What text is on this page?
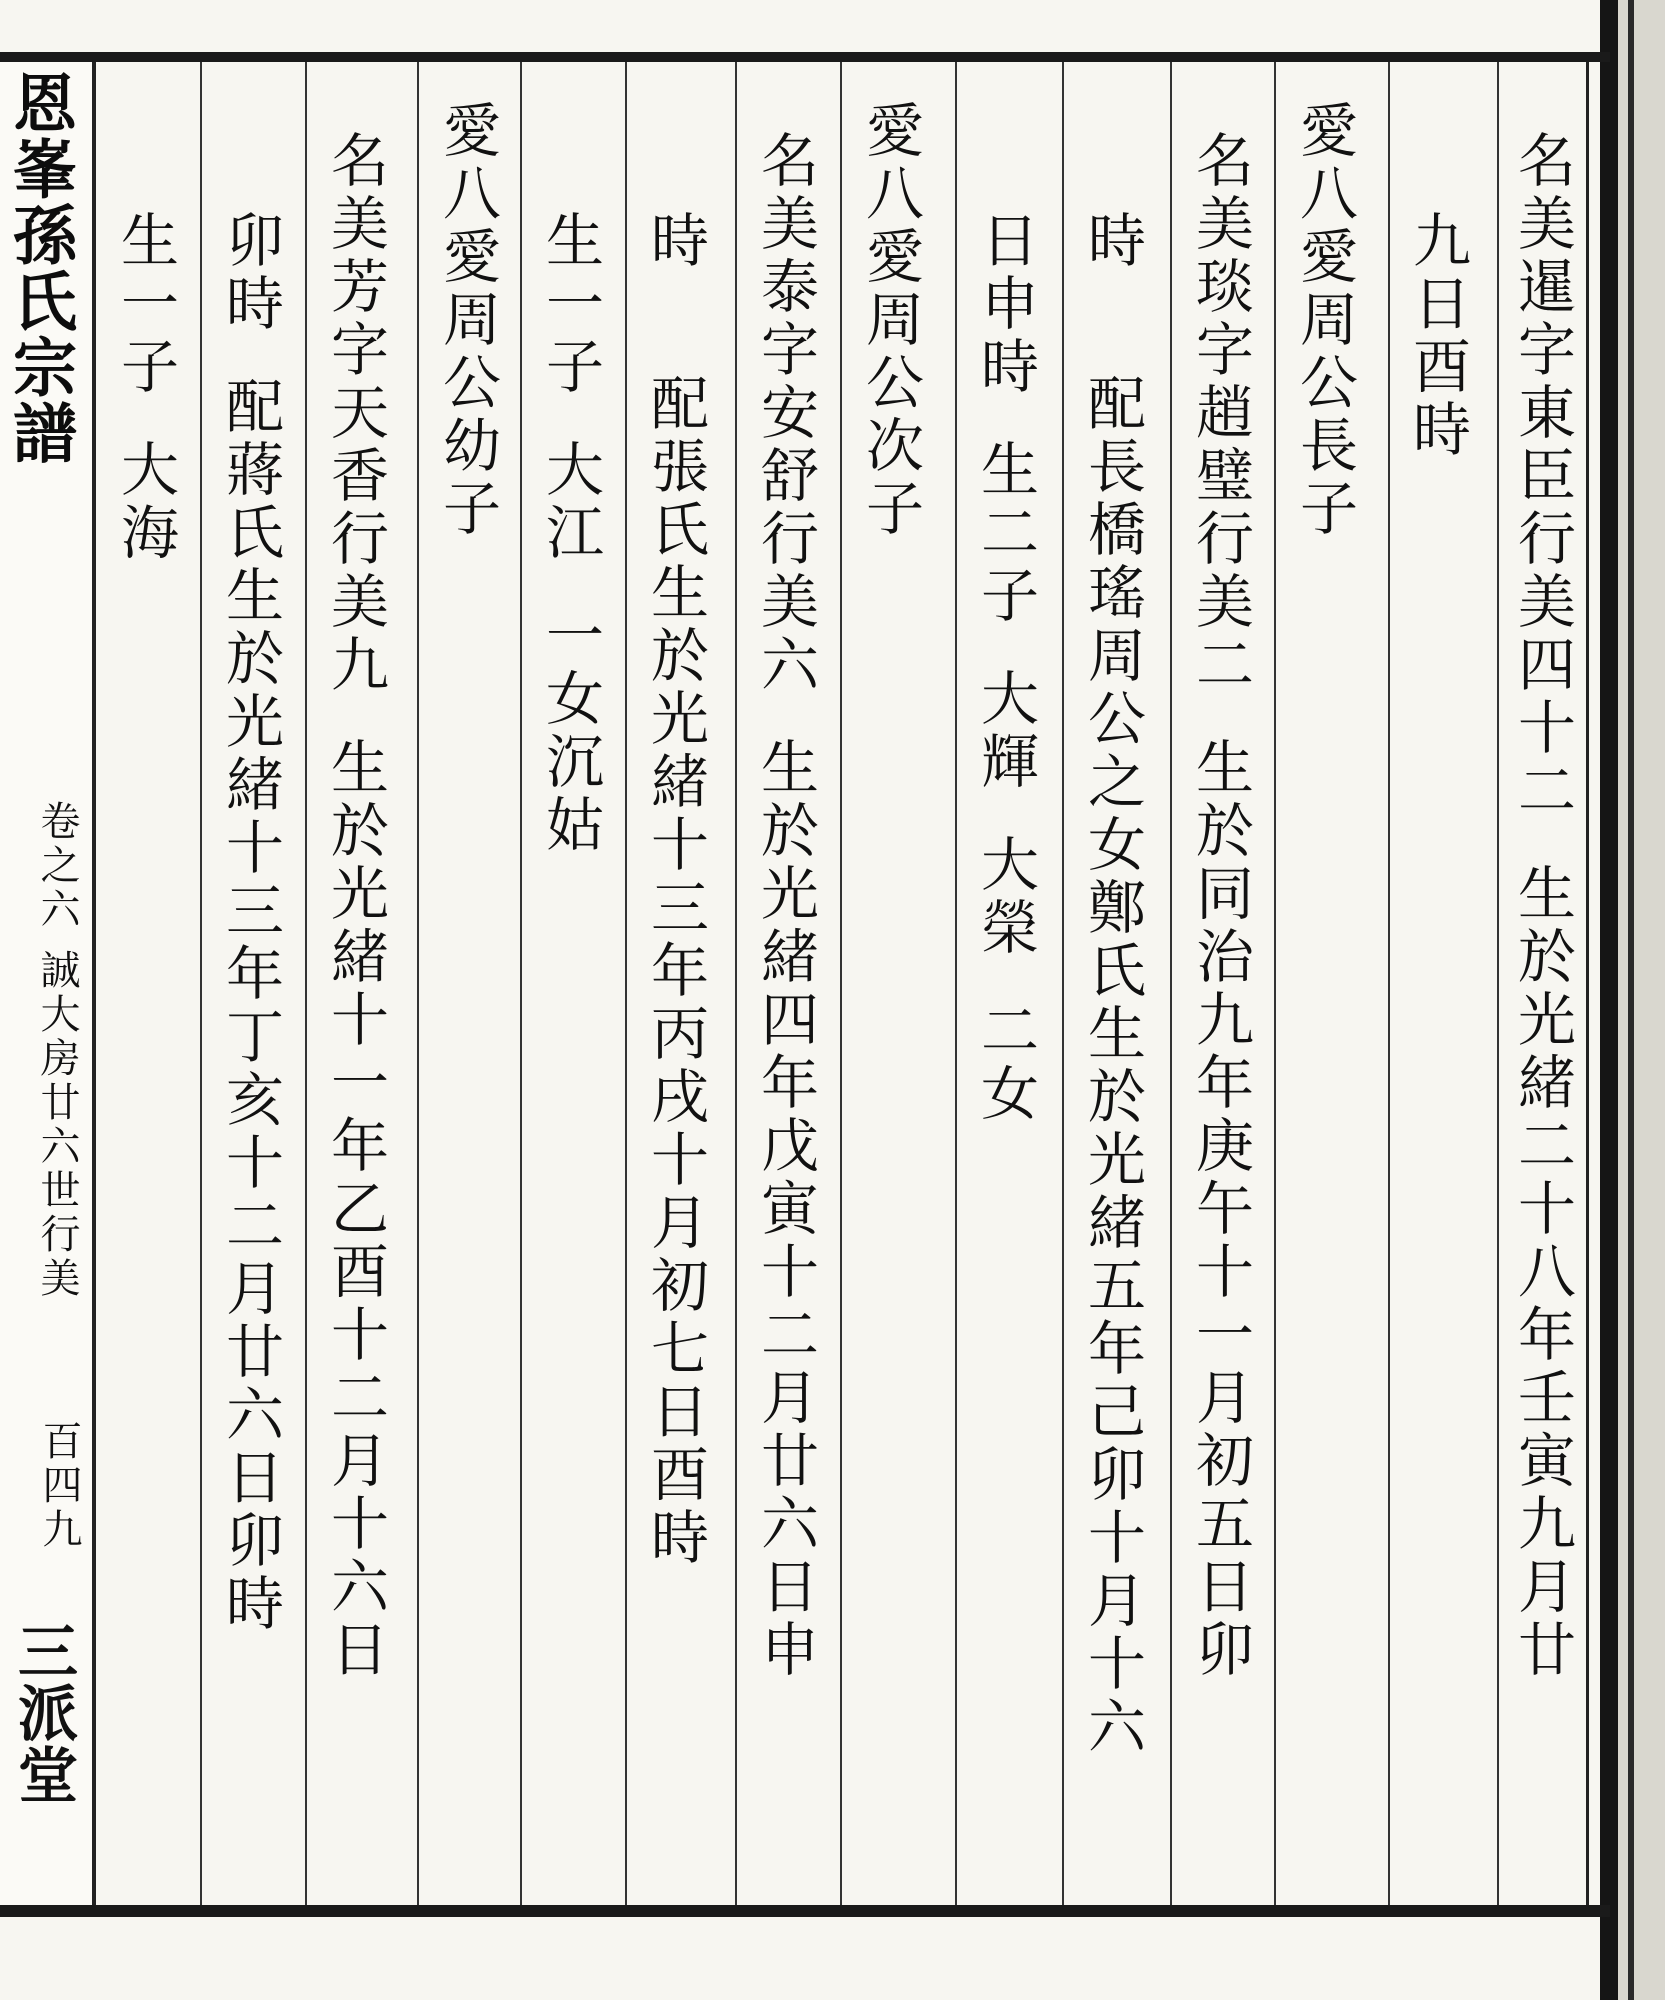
恩峯孫氏宗譜
卷之六 誠大房廿六世行美
百四九
三派堂
名美暹字東臣行美四十二生於光緒二十八年壬寅九月廿
九日酉時
愛八愛周公長子
名美琰字趙璧行美二生於同治九年庚午十一月初五日卯
時配長橋瑤周公之女鄭氏生於光緒五年己卯十月十六
日申時生二子大輝大榮二女
愛八愛周公次子
名美泰字安舒行美六生於光緒四年戊寅十二月廿六日申
時配張氏生於光緒十三年丙戌十月初七日酉時
生一子大江一女沉姑
愛八愛周公幼子
名美芳字天香行美九生於光緒十一年乙酉十二月十六日
卯時配蔣氏生於光緒十三年丁亥十二月廿六日卯時
生一子大海
